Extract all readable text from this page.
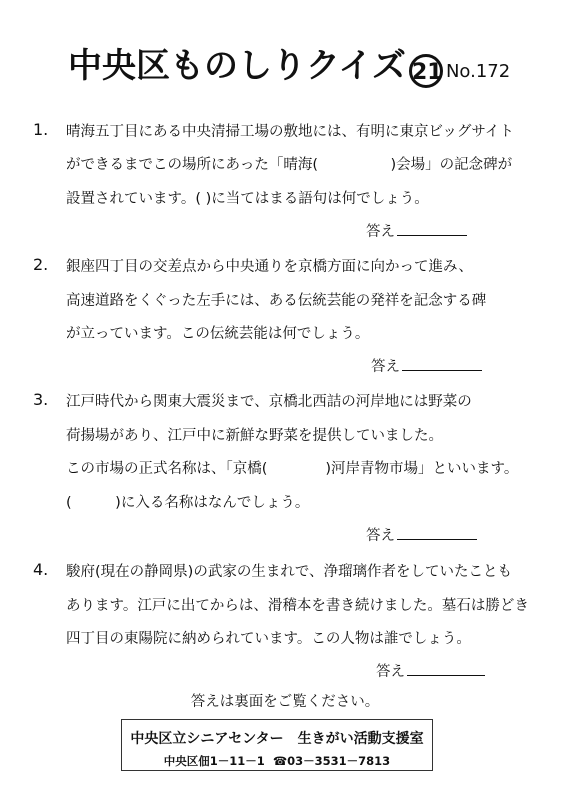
中央区ものしりクイズ 21 No.172
1. 晴海五丁目にある中央清掃工場の敷地には、有明に東京ビッグサイト
ができるまでこの場所にあった「晴海(　　　　　)会場」の記念碑が
設置されています。( )に当てはまる語句は何でしょう。
答え
2. 銀座四丁目の交差点から中央通りを京橋方面に向かって進み、
高速道路をくぐった左手には、ある伝統芸能の発祥を記念する碑
が立っています。この伝統芸能は何でしょう。
答え
3. 江戸時代から関東大震災まで、京橋北西詰の河岸地には野菜の
荷揚場があり、江戸中に新鮮な野菜を提供していました。
この市場の正式名称は、「京橋(　　　　)河岸青物市場」といいます。
(　　　)に入る名称はなんでしょう。
答え
4. 駿府(現在の静岡県)の武家の生まれで、浄瑠璃作者をしていたことも
あります。江戸に出てからは、滑稽本を書き続けました。墓石は勝どき
四丁目の東陽院に納められています。この人物は誰でしょう。
答え
答えは裏面をご覧ください。
中央区立シニアセンター　生きがい活動支援室
中央区佃1－11－1 ☎03－3531－7813
